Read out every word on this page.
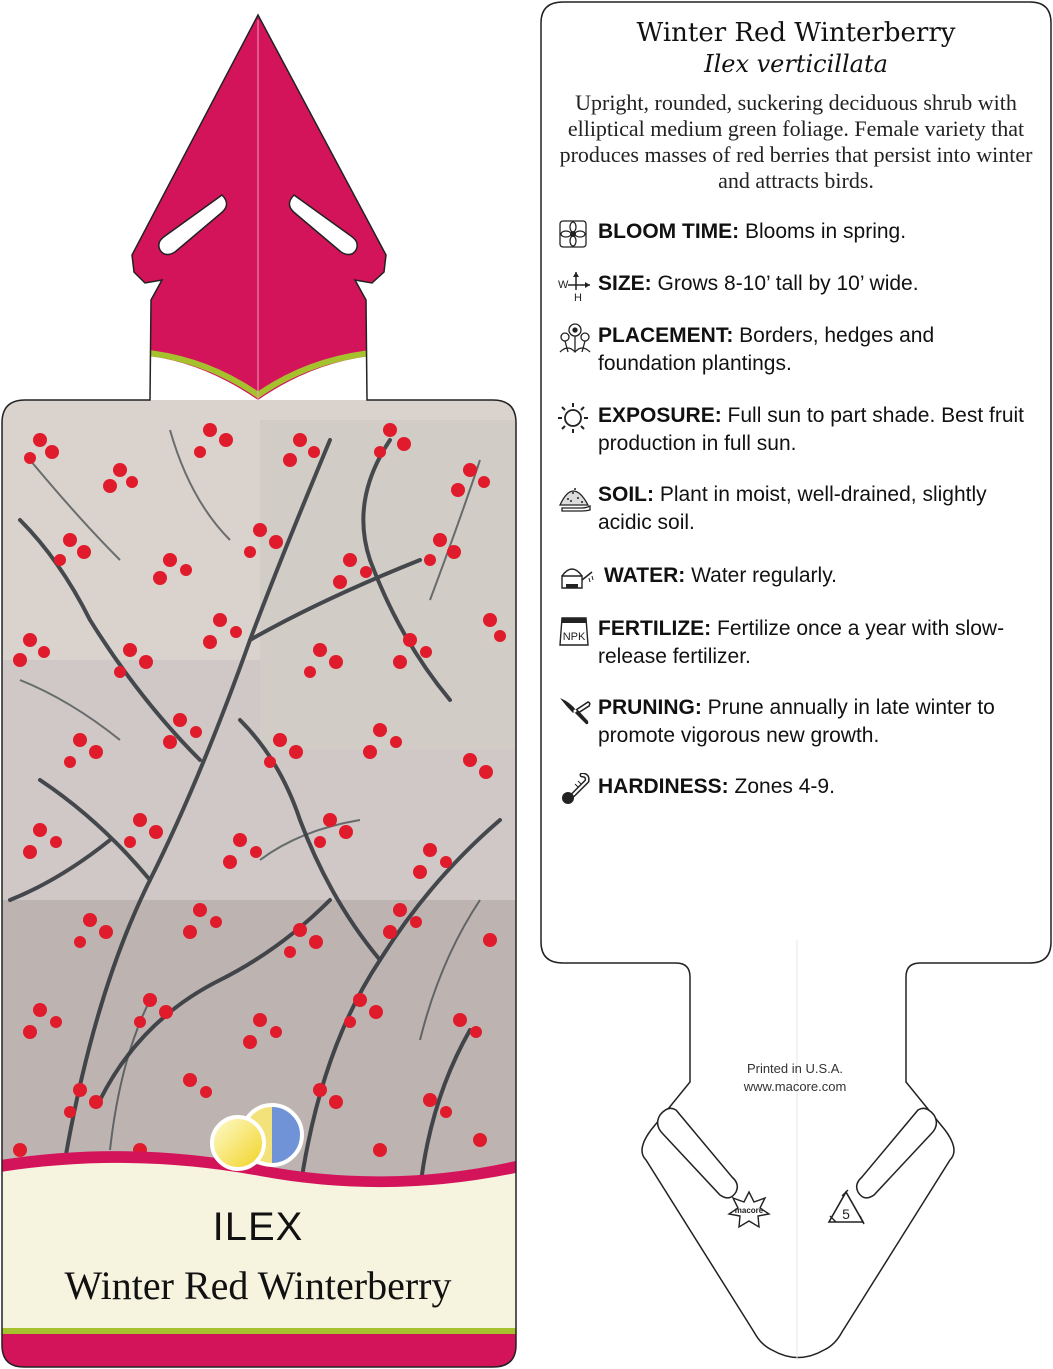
ILEX
Winter Red Winterberry
macore	5
Winter Red Winterberry
Ilex verticillata
Upright, rounded, suckering deciduous shrub with elliptical medium green foliage. Female variety that produces masses of red berries that persist into winter and attracts birds.
BLOOM TIME: Blooms in spring.
W
H
SIZE: Grows 8-10’ tall by 10’ wide.
PLACEMENT: Borders, hedges and foundation plantings.
EXPOSURE: Full sun to part shade. Best fruit production in full sun.
SOIL: Plant in moist, well-drained, slightly acidic soil.
WATER: Water regularly.
NPK FERTILIZE: Fertilize once a year with slow-release fertilizer.
PRUNING: Prune annually in late winter to promote vigorous new growth.
HARDINESS: Zones 4-9.
Printed in U.S.A.
www.macore.com
